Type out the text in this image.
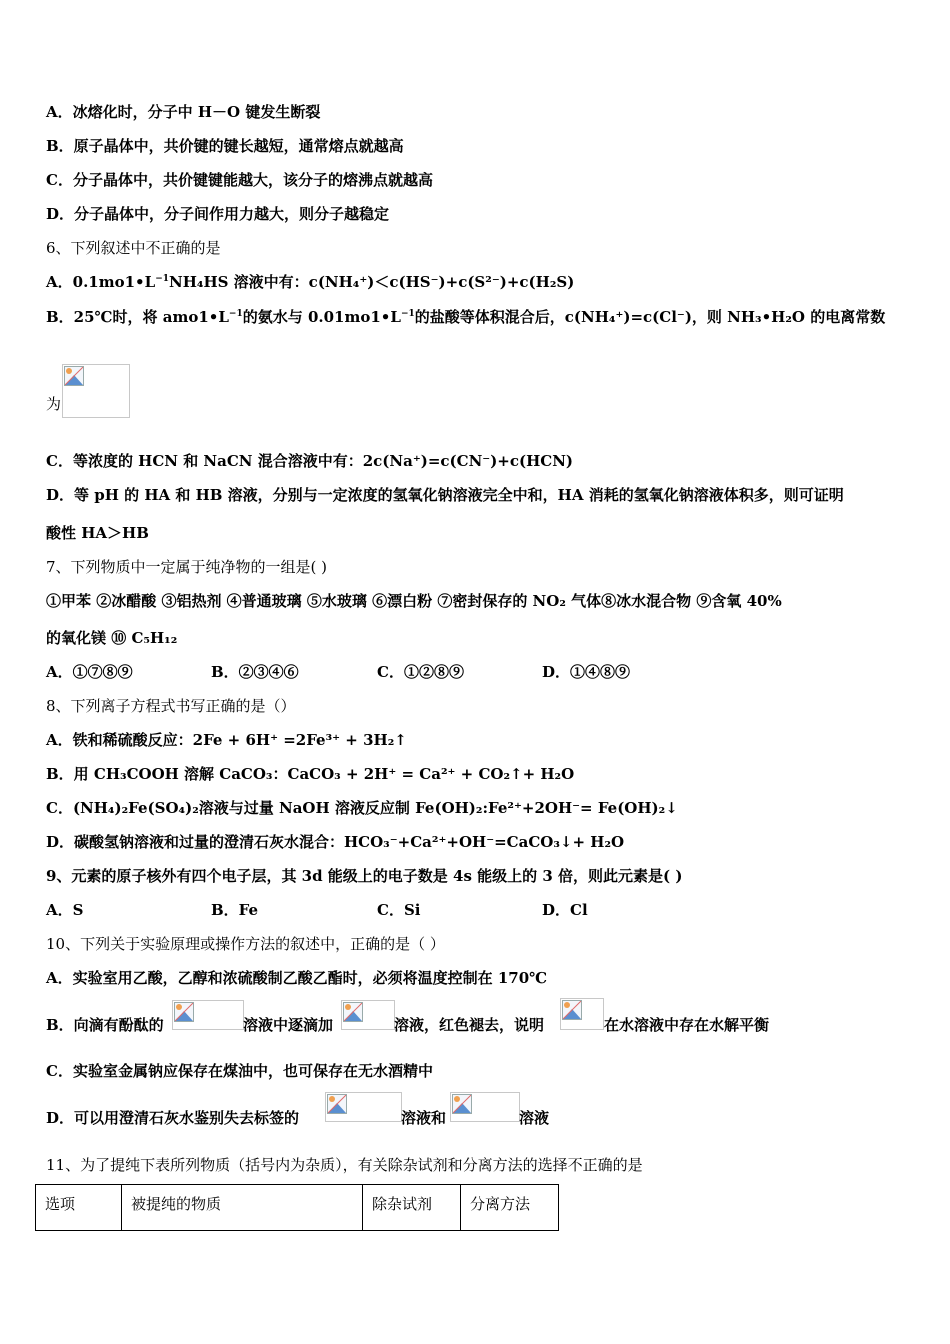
A．冰熔化时，分子中 H－O 键发生断裂
B．原子晶体中，共价键的键长越短，通常熔点就越高
C．分子晶体中，共价键键能越大，该分子的熔沸点就越高
D．分子晶体中，分子间作用力越大，则分子越稳定
6、下列叙述中不正确的是
A．$0.1mo1•L^{-1}NH_4HS$ 溶液中有：c(NH₄⁺)＜c(HS⁻)+c(S²⁻)+c(H₂S)
B．25℃时，将 $amo1•L^{-1}$的氨水与 $0.01mo1•L^{-1}$的盐酸等体积混合后，c(NH₄⁺)=c(Cl⁻)，则 NH₃•H₂O 的电离常数
为
C．等浓度的 HCN 和 NaCN 混合溶液中有：2c(Na⁺)=c(CN⁻)+c(HCN)
D．等 pH 的 HA 和 HB 溶液，分别与一定浓度的氢氧化钠溶液完全中和，HA 消耗的氢氧化钠溶液体积多，则可证明
酸性 HA＞HB
7、下列物质中一定属于纯净物的一组是( )
①甲苯 ②冰醋酸 ③铝热剂 ④普通玻璃 ⑤水玻璃 ⑥漂白粉 ⑦密封保存的 NO₂ 气体⑧冰水混合物 ⑨含氧 40%
的氧化镁 ⑩ C₅H₁₂
A．①⑦⑧⑨	B．②③④⑥	C．①②⑧⑨	D．①④⑧⑨
8、下列离子方程式书写正确的是（）
A．铁和稀硫酸反应：2Fe + 6H⁺ =2Fe³⁺ + 3H₂↑
B．用 CH₃COOH 溶解 CaCO₃：CaCO₃ + 2H⁺ = Ca²⁺ + CO₂↑+ H₂O
C．(NH₄)₂Fe(SO₄)₂溶液与过量 NaOH 溶液反应制 Fe(OH)₂:Fe²⁺+2OH⁻= Fe(OH)₂↓
D．碳酸氢钠溶液和过量的澄清石灰水混合：HCO₃⁻+Ca²⁺+OH⁻=CaCO₃↓+ H₂O
9、元素的原子核外有四个电子层，其 3d 能级上的电子数是 4s 能级上的 3 倍，则此元素是( )
A．S	B．Fe	C．Si	D．Cl
10、下列关于实验原理或操作方法的叙述中，正确的是（ ）
A．实验室用乙酸，乙醇和浓硫酸制乙酸乙酯时，必须将温度控制在 170℃
B．向滴有酚酞的	溶液中逐滴加	溶液，红色褪去，说明	在水溶液中存在水解平衡
C．实验室金属钠应保存在煤油中，也可保存在无水酒精中
D．可以用澄清石灰水鉴别失去标签的	溶液和	溶液
11、为了提纯下表所列物质（括号内为杂质），有关除杂试剂和分离方法的选择不正确的是
选项	被提纯的物质	除杂试剂	分离方法
